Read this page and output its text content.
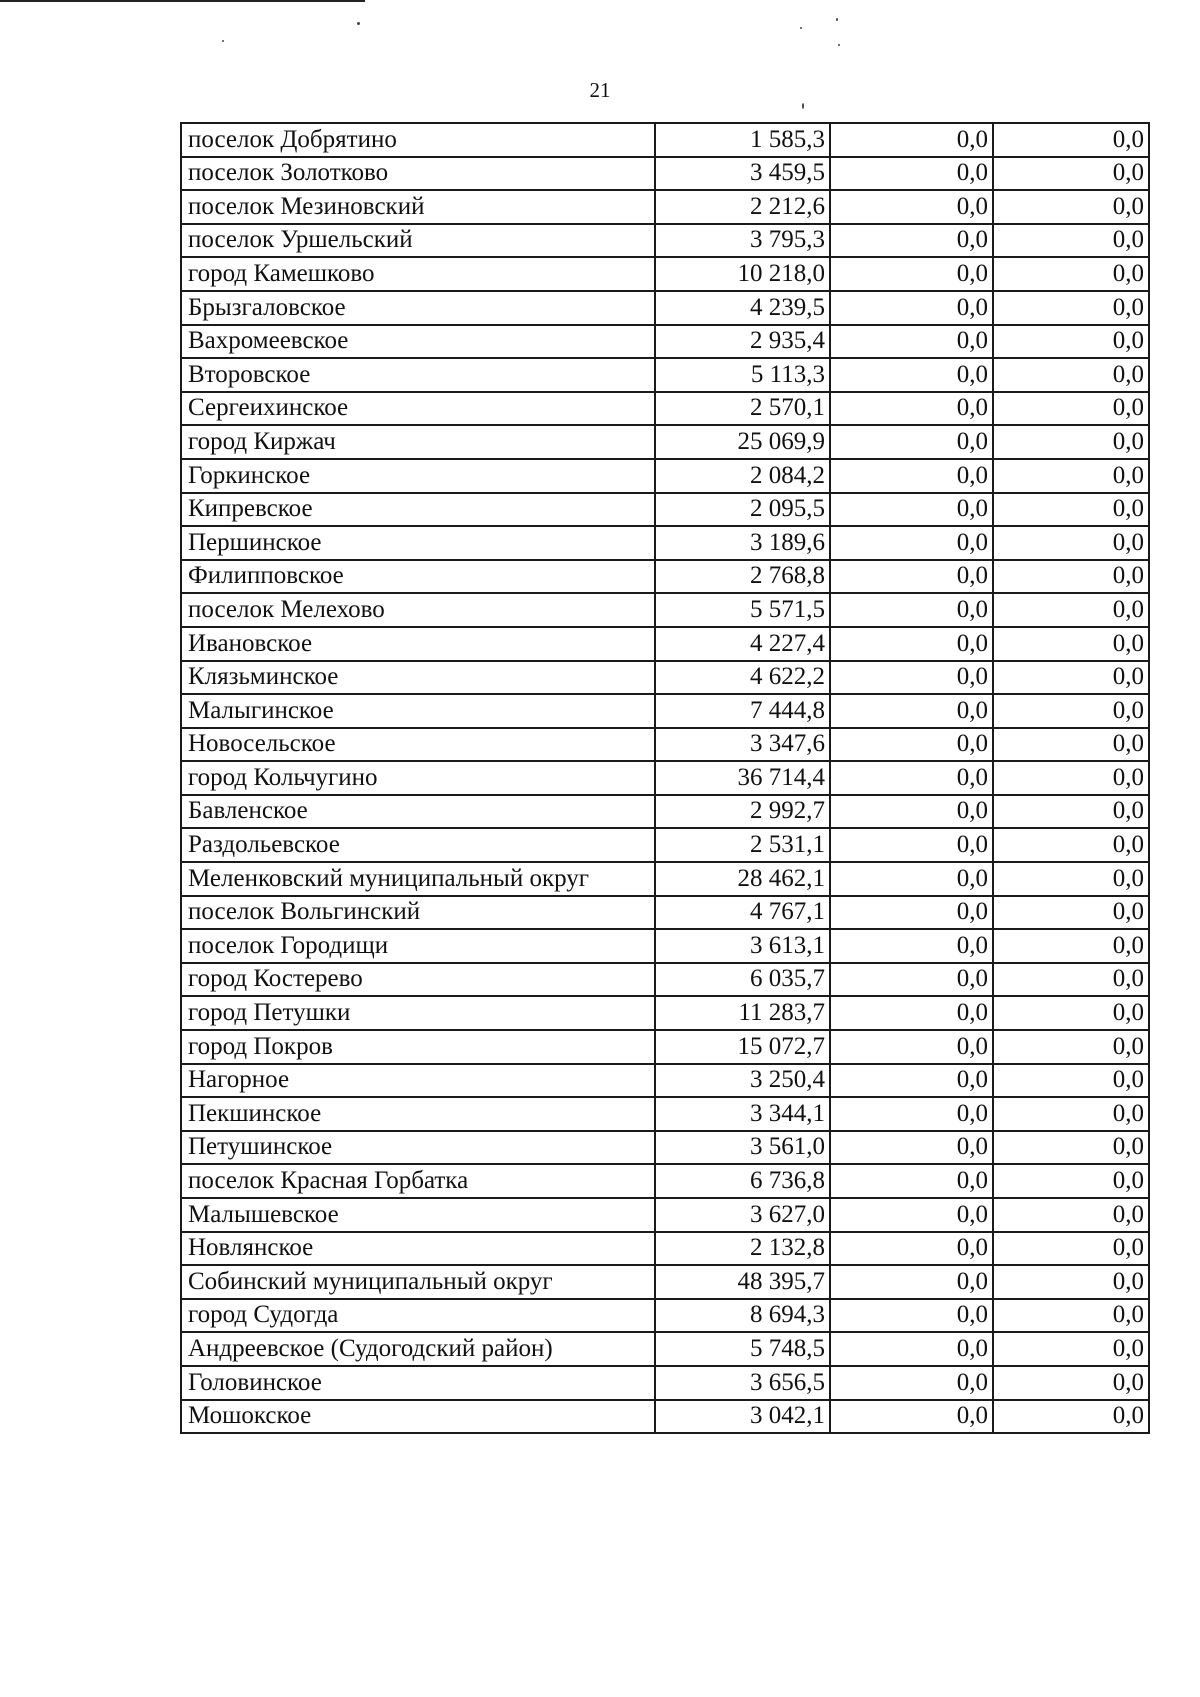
21
поселок Добрятино	1 585,3	0,0	0,0
поселок Золотково	3 459,5	0,0	0,0
поселок Мезиновский	2 212,6	0,0	0,0
поселок Уршельский	3 795,3	0,0	0,0
город Камешково	10 218,0	0,0	0,0
Брызгаловское	4 239,5	0,0	0,0
Вахромеевское	2 935,4	0,0	0,0
Второвское	5 113,3	0,0	0,0
Сергеихинское	2 570,1	0,0	0,0
город Киржач	25 069,9	0,0	0,0
Горкинское	2 084,2	0,0	0,0
Кипревское	2 095,5	0,0	0,0
Першинское	3 189,6	0,0	0,0
Филипповское	2 768,8	0,0	0,0
поселок Мелехово	5 571,5	0,0	0,0
Ивановское	4 227,4	0,0	0,0
Клязьминское	4 622,2	0,0	0,0
Малыгинское	7 444,8	0,0	0,0
Новосельское	3 347,6	0,0	0,0
город Кольчугино	36 714,4	0,0	0,0
Бавленское	2 992,7	0,0	0,0
Раздольевское	2 531,1	0,0	0,0
Меленковский муниципальный округ	28 462,1	0,0	0,0
поселок Вольгинский	4 767,1	0,0	0,0
поселок Городищи	3 613,1	0,0	0,0
город Костерево	6 035,7	0,0	0,0
город Петушки	11 283,7	0,0	0,0
город Покров	15 072,7	0,0	0,0
Нагорное	3 250,4	0,0	0,0
Пекшинское	3 344,1	0,0	0,0
Петушинское	3 561,0	0,0	0,0
поселок Красная Горбатка	6 736,8	0,0	0,0
Малышевское	3 627,0	0,0	0,0
Новлянское	2 132,8	0,0	0,0
Собинский муниципальный округ	48 395,7	0,0	0,0
город Судогда	8 694,3	0,0	0,0
Андреевское (Судогодский район)	5 748,5	0,0	0,0
Головинское	3 656,5	0,0	0,0
Мошокское	3 042,1	0,0	0,0
